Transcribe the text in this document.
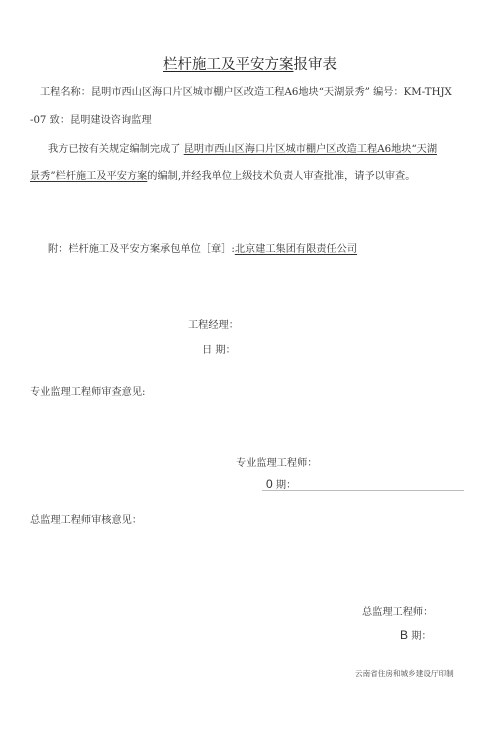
栏杆施工及平安方案报审表
工程名称：昆明市西山区海口片区城市棚户区改造工程A6地块“天湖景秀” 编号：KM-THJX
-07 致：昆明建设咨询监理
我方已按有关规定编制完成了 昆明市西山区海口片区城市棚户区改造工程A6地块“天湖
景秀”栏杆施工及平安方案的编制,并经我单位上级技术负责人审查批准，请予以审查。
附：栏杆施工及平安方案承包单位［章］:北京建工集团有限责任公司
工程经理：
日 期：
专业监理工程师审查意见:
专业监理工程师：
0 期：
总监理工程师审核意见：
总监理工程师：
B 期：
云南省住房和城乡建设厅印制
